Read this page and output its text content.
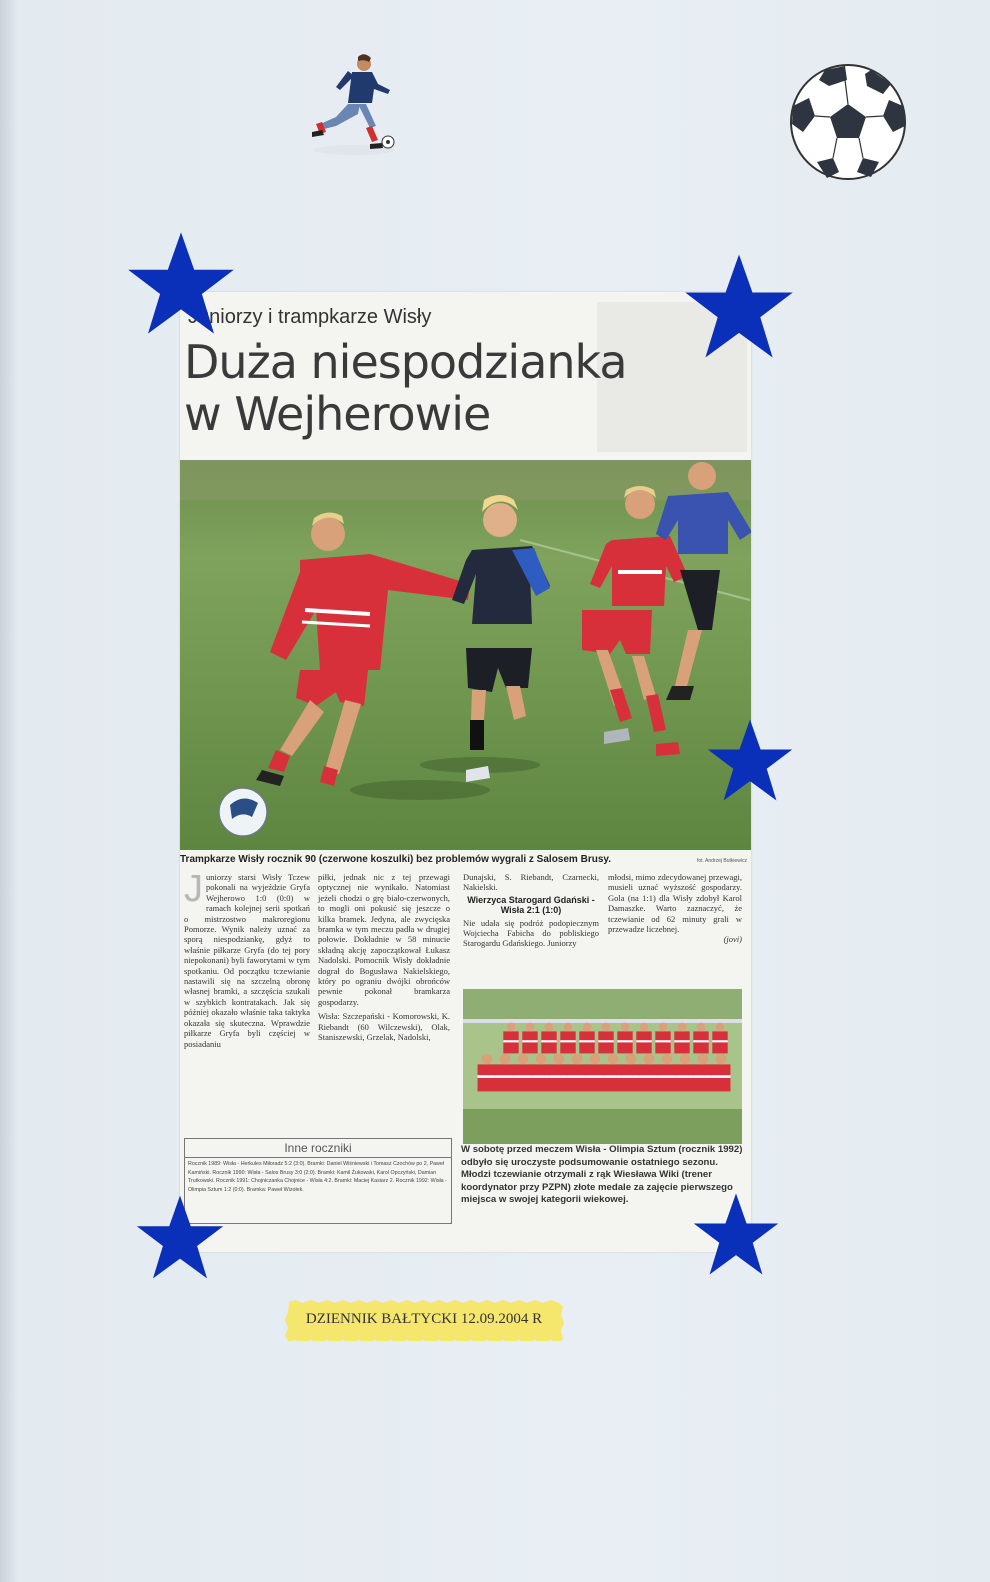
Juniorzy i trampkarze Wisły
Duża niespodzianka
w Wejherowie
Trampkarze Wisły rocznik 90 (czerwone koszulki) bez problemów wygrali z Salosem Brusy.	fot. Andrzej Butkiewicz
Juniorzy starsi Wisły Tczew pokonali na wyjeździe Gryfa Wejherowo 1:0 (0:0) w ramach kolejnej serii spotkań o mistrzostwo makroregionu Pomorze. Wynik należy uznać za sporą niespodziankę, gdyż to właśnie piłkarze Gryfa (do tej pory niepokonani) byli faworytami w tym spotkaniu. Od początku tczewianie nastawili się na szczelną obronę własnej bramki, a szczęścia szukali w szybkich kontratakach. Jak się później okazało właśnie taka taktyka okazała się skuteczna. Wprawdzie piłkarze Gryfa byli częściej w posiadaniu
piłki, jednak nic z tej przewagi optycznej nie wynikało. Natomiast jeżeli chodzi o grę biało-czerwonych, to mogli oni pokusić się jeszcze o kilka bramek. Jedyna, ale zwycięska bramka w tym meczu padła w drugiej połowie. Dokładnie w 58 minucie składną akcję zapoczątkował Łukasz Nadolski. Pomocnik Wisły dokładnie dograł do Bogusława Nakielskiego, który po ograniu dwójki obrońców pewnie pokonał bramkarza gospodarzy.
Wisła: Szczepański - Komorowski, K. Riebandt (60 Wilczewski), Olak, Staniszewski, Grzelak, Nadolski,
Dunajski, S. Riebandt, Czarnecki, Nakielski.
Wierzyca Starogard Gdański - Wisła 2:1 (1:0)
Nie udała się podróż podopiecznym Wojciecha Fabicha do pobliskiego Starogardu Gdańskiego. Juniorzy
młodsi, mimo zdecydowanej przewagi, musieli uznać wyższość gospodarzy. Gola (na 1:1) dla Wisły zdobył Karol Damaszke. Warto zaznaczyć, że tczewianie od 62 minuty grali w przewadze liczebnej.
(jovi)
W sobotę przed meczem Wisła - Olimpia Sztum (rocznik 1992) odbyło się uroczyste podsumowanie ostatniego sezonu. Młodzi tczewianie otrzymali z rąk Wiesława Wiki (trener koordynator przy PZPN) złote medale za zajęcie pierwszego miejsca w swojej kategorii wiekowej.
Inne roczniki
Rocznik 1989: Wisła - Herkules Miłoradz 5:2 (3:0). Bramki: Daniel Wiśniewski i Tomasz Czochów po 2, Paweł Kamiński. Rocznik 1990: Wisła - Salos Brusy 3:0 (2:0). Bramki: Kamil Żukowski, Karol Opczyński, Damian Trutkowski. Rocznik 1991: Chojniczanka Chojnice - Wisła 4:2. Bramki: Maciej Kasiarz 2. Rocznik 1992: Wisła - Olimpia Sztum 1:2 (0:0). Bramka: Paweł Wizołek.
DZIENNIK BAŁTYCKI 12.09.2004 R
